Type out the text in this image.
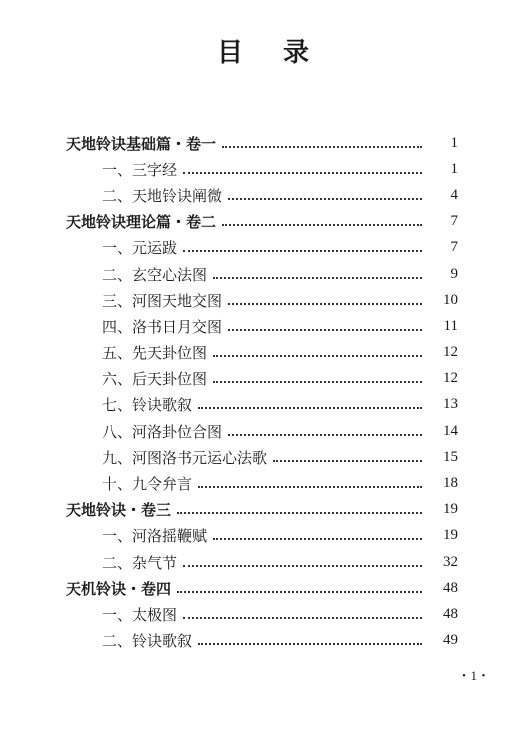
目 录
天地铃诀基础篇・卷一	1
一、三字经	1
二、天地铃诀阐微	4
天地铃诀理论篇・卷二	7
一、元运跋	7
二、玄空心法图	9
三、河图天地交图	10
四、洛书日月交图	11
五、先天卦位图	12
六、后天卦位图	12
七、铃诀歌叙	13
八、河洛卦位合图	14
九、河图洛书元运心法歌	15
十、九令弁言	18
天地铃诀・卷三	19
一、河洛摇鞭赋	19
二、杂气节	32
天机铃诀・卷四	48
一、太极图	48
二、铃诀歌叙	49
・1・
